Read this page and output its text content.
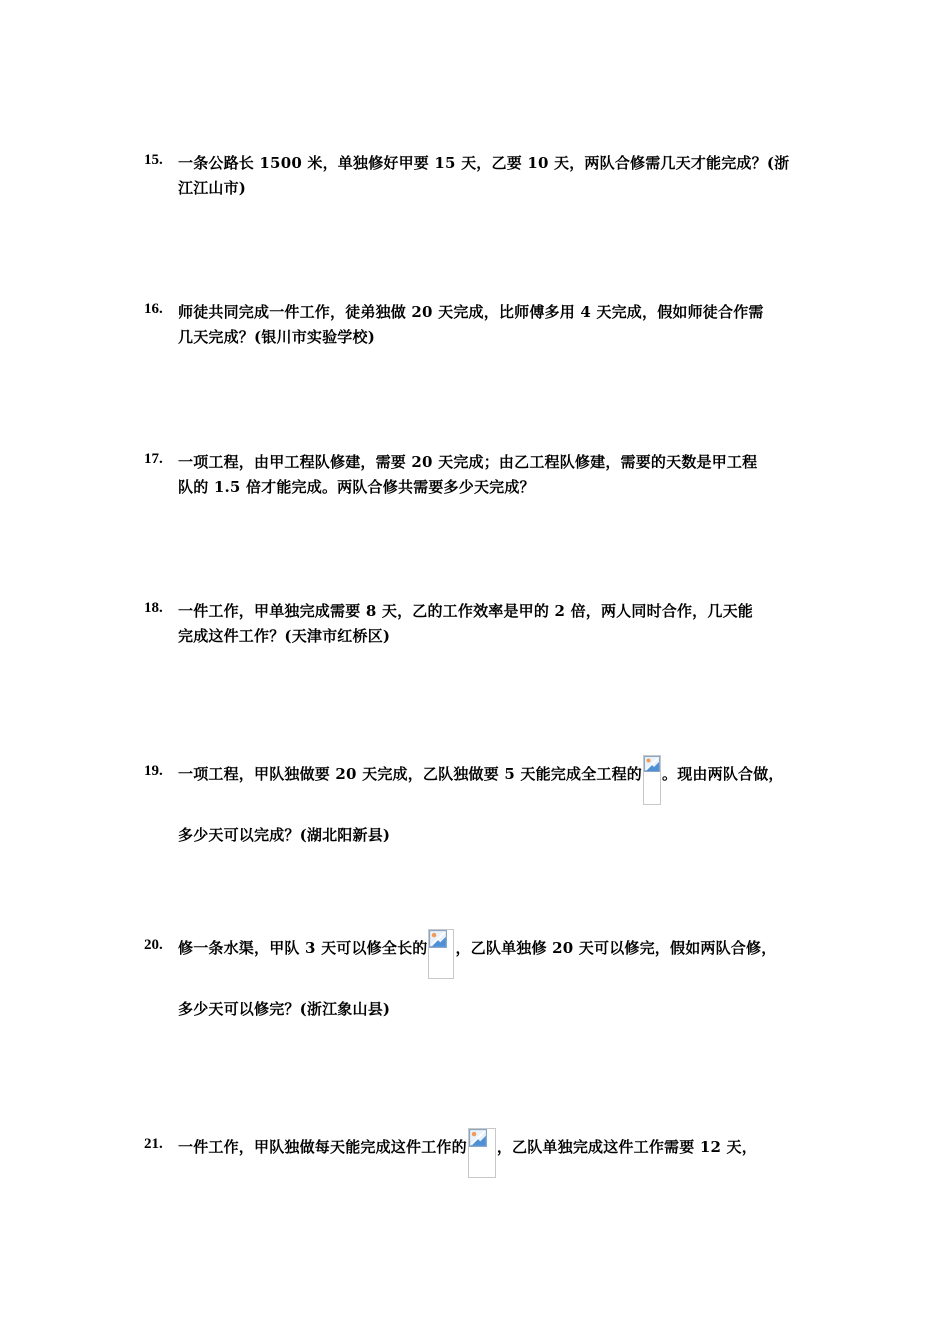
15. 一条公路长 1500 米，单独修好甲要 15 天，乙要 10 天，两队合修需几天才能完成？(浙
江江山市)
16. 师徒共同完成一件工作，徒弟独做 20 天完成，比师傅多用 4 天完成，假如师徒合作需
几天完成？(银川市实验学校)
17. 一项工程，由甲工程队修建，需要 20 天完成；由乙工程队修建，需要的天数是甲工程
队的 1.5 倍才能完成。两队合修共需要多少天完成？
18. 一件工作，甲单独完成需要 8 天，乙的工作效率是甲的 2 倍，两人同时合作，几天能
完成这件工作？(天津市红桥区)
19. 一项工程，甲队独做要 20 天完成，乙队独做要 5 天能完成全工程的 。现由两队合做，
多少天可以完成？(湖北阳新县)
20. 修一条水渠，甲队 3 天可以修全长的 ，乙队单独修 20 天可以修完，假如两队合修，
多少天可以修完？(浙江象山县)
21. 一件工作，甲队独做每天能完成这件工作的 ，乙队单独完成这件工作需要 12 天，
